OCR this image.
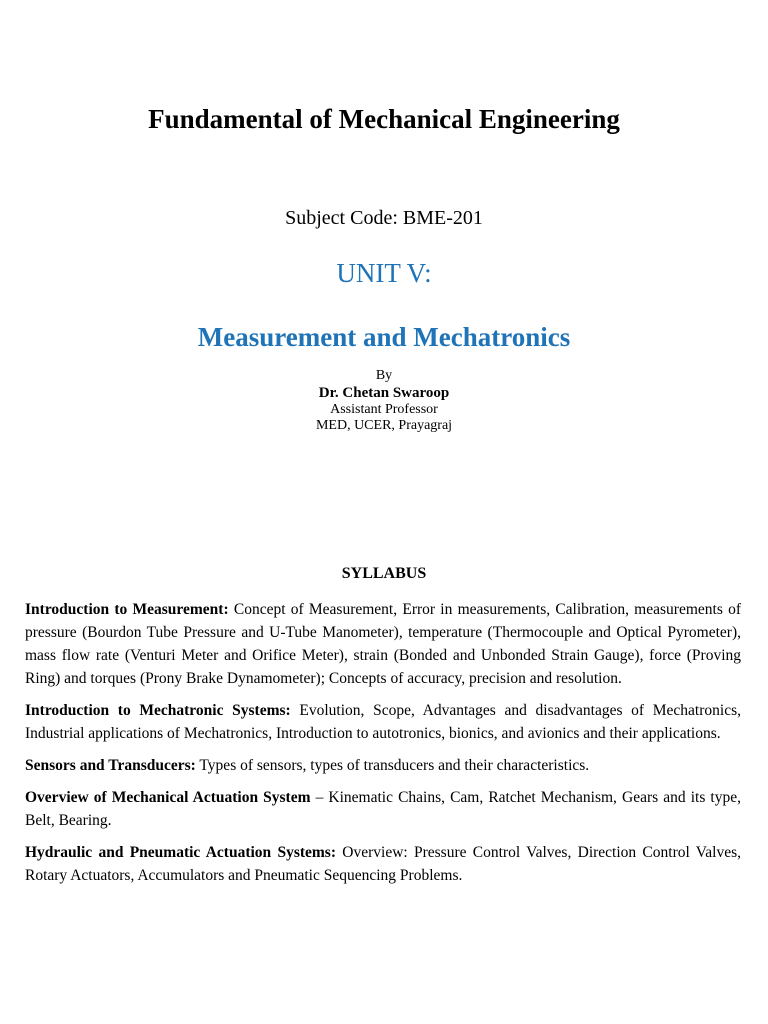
Fundamental of Mechanical Engineering
Subject Code: BME-201
UNIT V:
Measurement and Mechatronics
By
Dr. Chetan Swaroop
Assistant Professor
MED, UCER, Prayagraj
SYLLABUS

Introduction to Measurement: Concept of Measurement, Error in measurements, Calibration, measurements of pressure (Bourdon Tube Pressure and U-Tube Manometer), temperature (Thermocouple and Optical Pyrometer), mass flow rate (Venturi Meter and Orifice Meter), strain (Bonded and Unbonded Strain Gauge), force (Proving Ring) and torques (Prony Brake Dynamometer); Concepts of accuracy, precision and resolution.

Introduction to Mechatronic Systems: Evolution, Scope, Advantages and disadvantages of Mechatronics, Industrial applications of Mechatronics, Introduction to autotronics, bionics, and avionics and their applications.

Sensors and Transducers: Types of sensors, types of transducers and their characteristics.

Overview of Mechanical Actuation System – Kinematic Chains, Cam, Ratchet Mechanism, Gears and its type, Belt, Bearing.

Hydraulic and Pneumatic Actuation Systems: Overview: Pressure Control Valves, Direction Control Valves, Rotary Actuators, Accumulators and Pneumatic Sequencing Problems.
